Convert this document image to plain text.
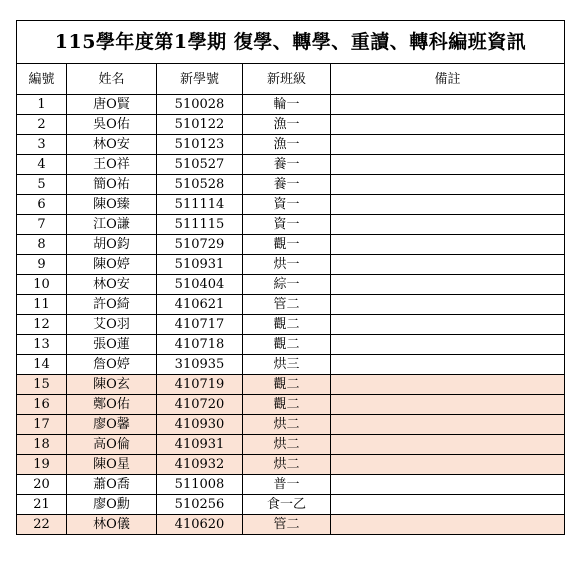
115學年度第1學期 復學、轉學、重讀、轉科編班資訊				
編號	姓名	新學號	新班級	備註
1	唐O賢	510028	輪一	
2	吳O佑	510122	漁一	
3	林O安	510123	漁一	
4	王O祥	510527	養一	
5	簡O祐	510528	養一	
6	陳O臻	511114	資一	
7	江O謙	511115	資一	
8	胡O鈞	510729	觀一	
9	陳O婷	510931	烘一	
10	林O安	510404	綜一	
11	許O綺	410621	管二	
12	艾O羽	410717	觀二	
13	張O蓮	410718	觀二	
14	詹O婷	310935	烘三	
15	陳O玄	410719	觀二	
16	鄭O佑	410720	觀二	
17	廖O馨	410930	烘二	
18	高O倫	410931	烘二	
19	陳O星	410932	烘二	
20	蕭O喬	511008	普一	
21	廖O勳	510256	食一乙	
22	林O儀	410620	管二	
